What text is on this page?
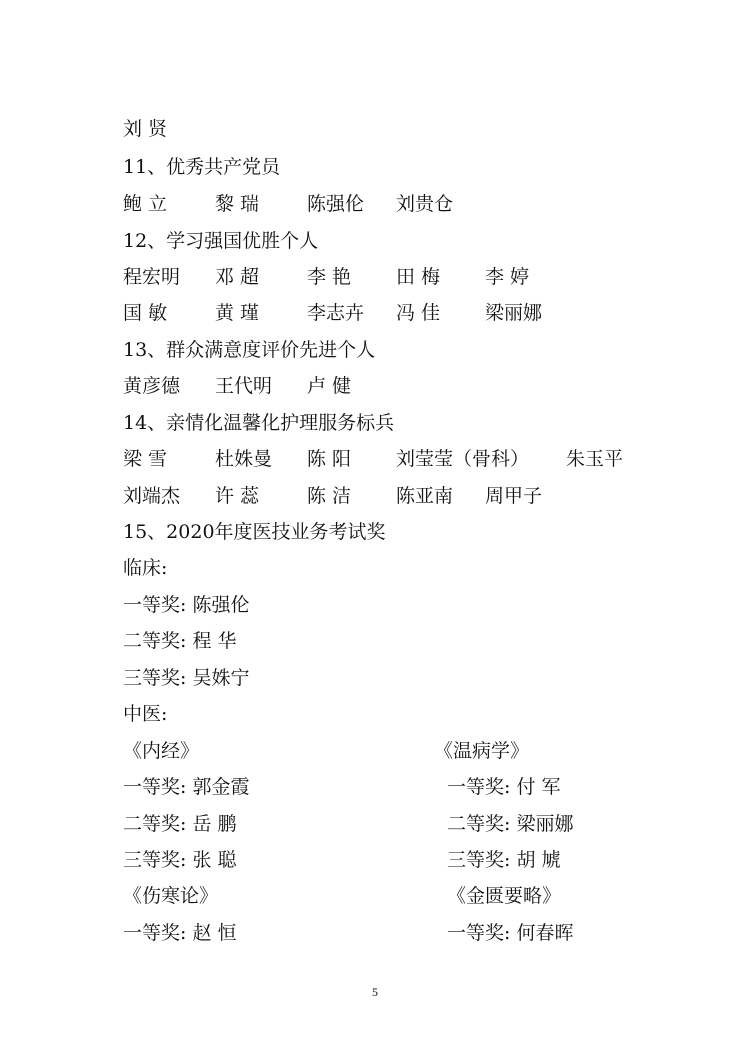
刘 贤
11、优秀共产党员
鲍 立	黎 瑞	陈强伦 刘贵仓
12、学习强国优胜个人
程宏明 邓 超	李 艳 田 梅 李 婷
国 敏	黄 瑾	李志卉 冯 佳 梁丽娜
13、群众满意度评价先进个人
黄彦德 王代明 卢 健
14、亲情化温馨化护理服务标兵
梁 雪	杜姝曼 陈 阳 刘莹莹（骨科） 朱玉平
刘端杰 许 蕊	陈 洁 陈亚南 周甲子
15、2020年度医技业务考试奖
临床:
一等奖: 陈强伦
二等奖: 程 华
三等奖: 吴姝宁
中医:
《内经》	《温病学》
一等奖: 郭金霞	一等奖: 付 军
二等奖: 岳 鹏	二等奖: 梁丽娜
三等奖: 张 聪	三等奖: 胡 虓
《伤寒论》	《金匮要略》
一等奖: 赵 恒	一等奖: 何春晖
5
